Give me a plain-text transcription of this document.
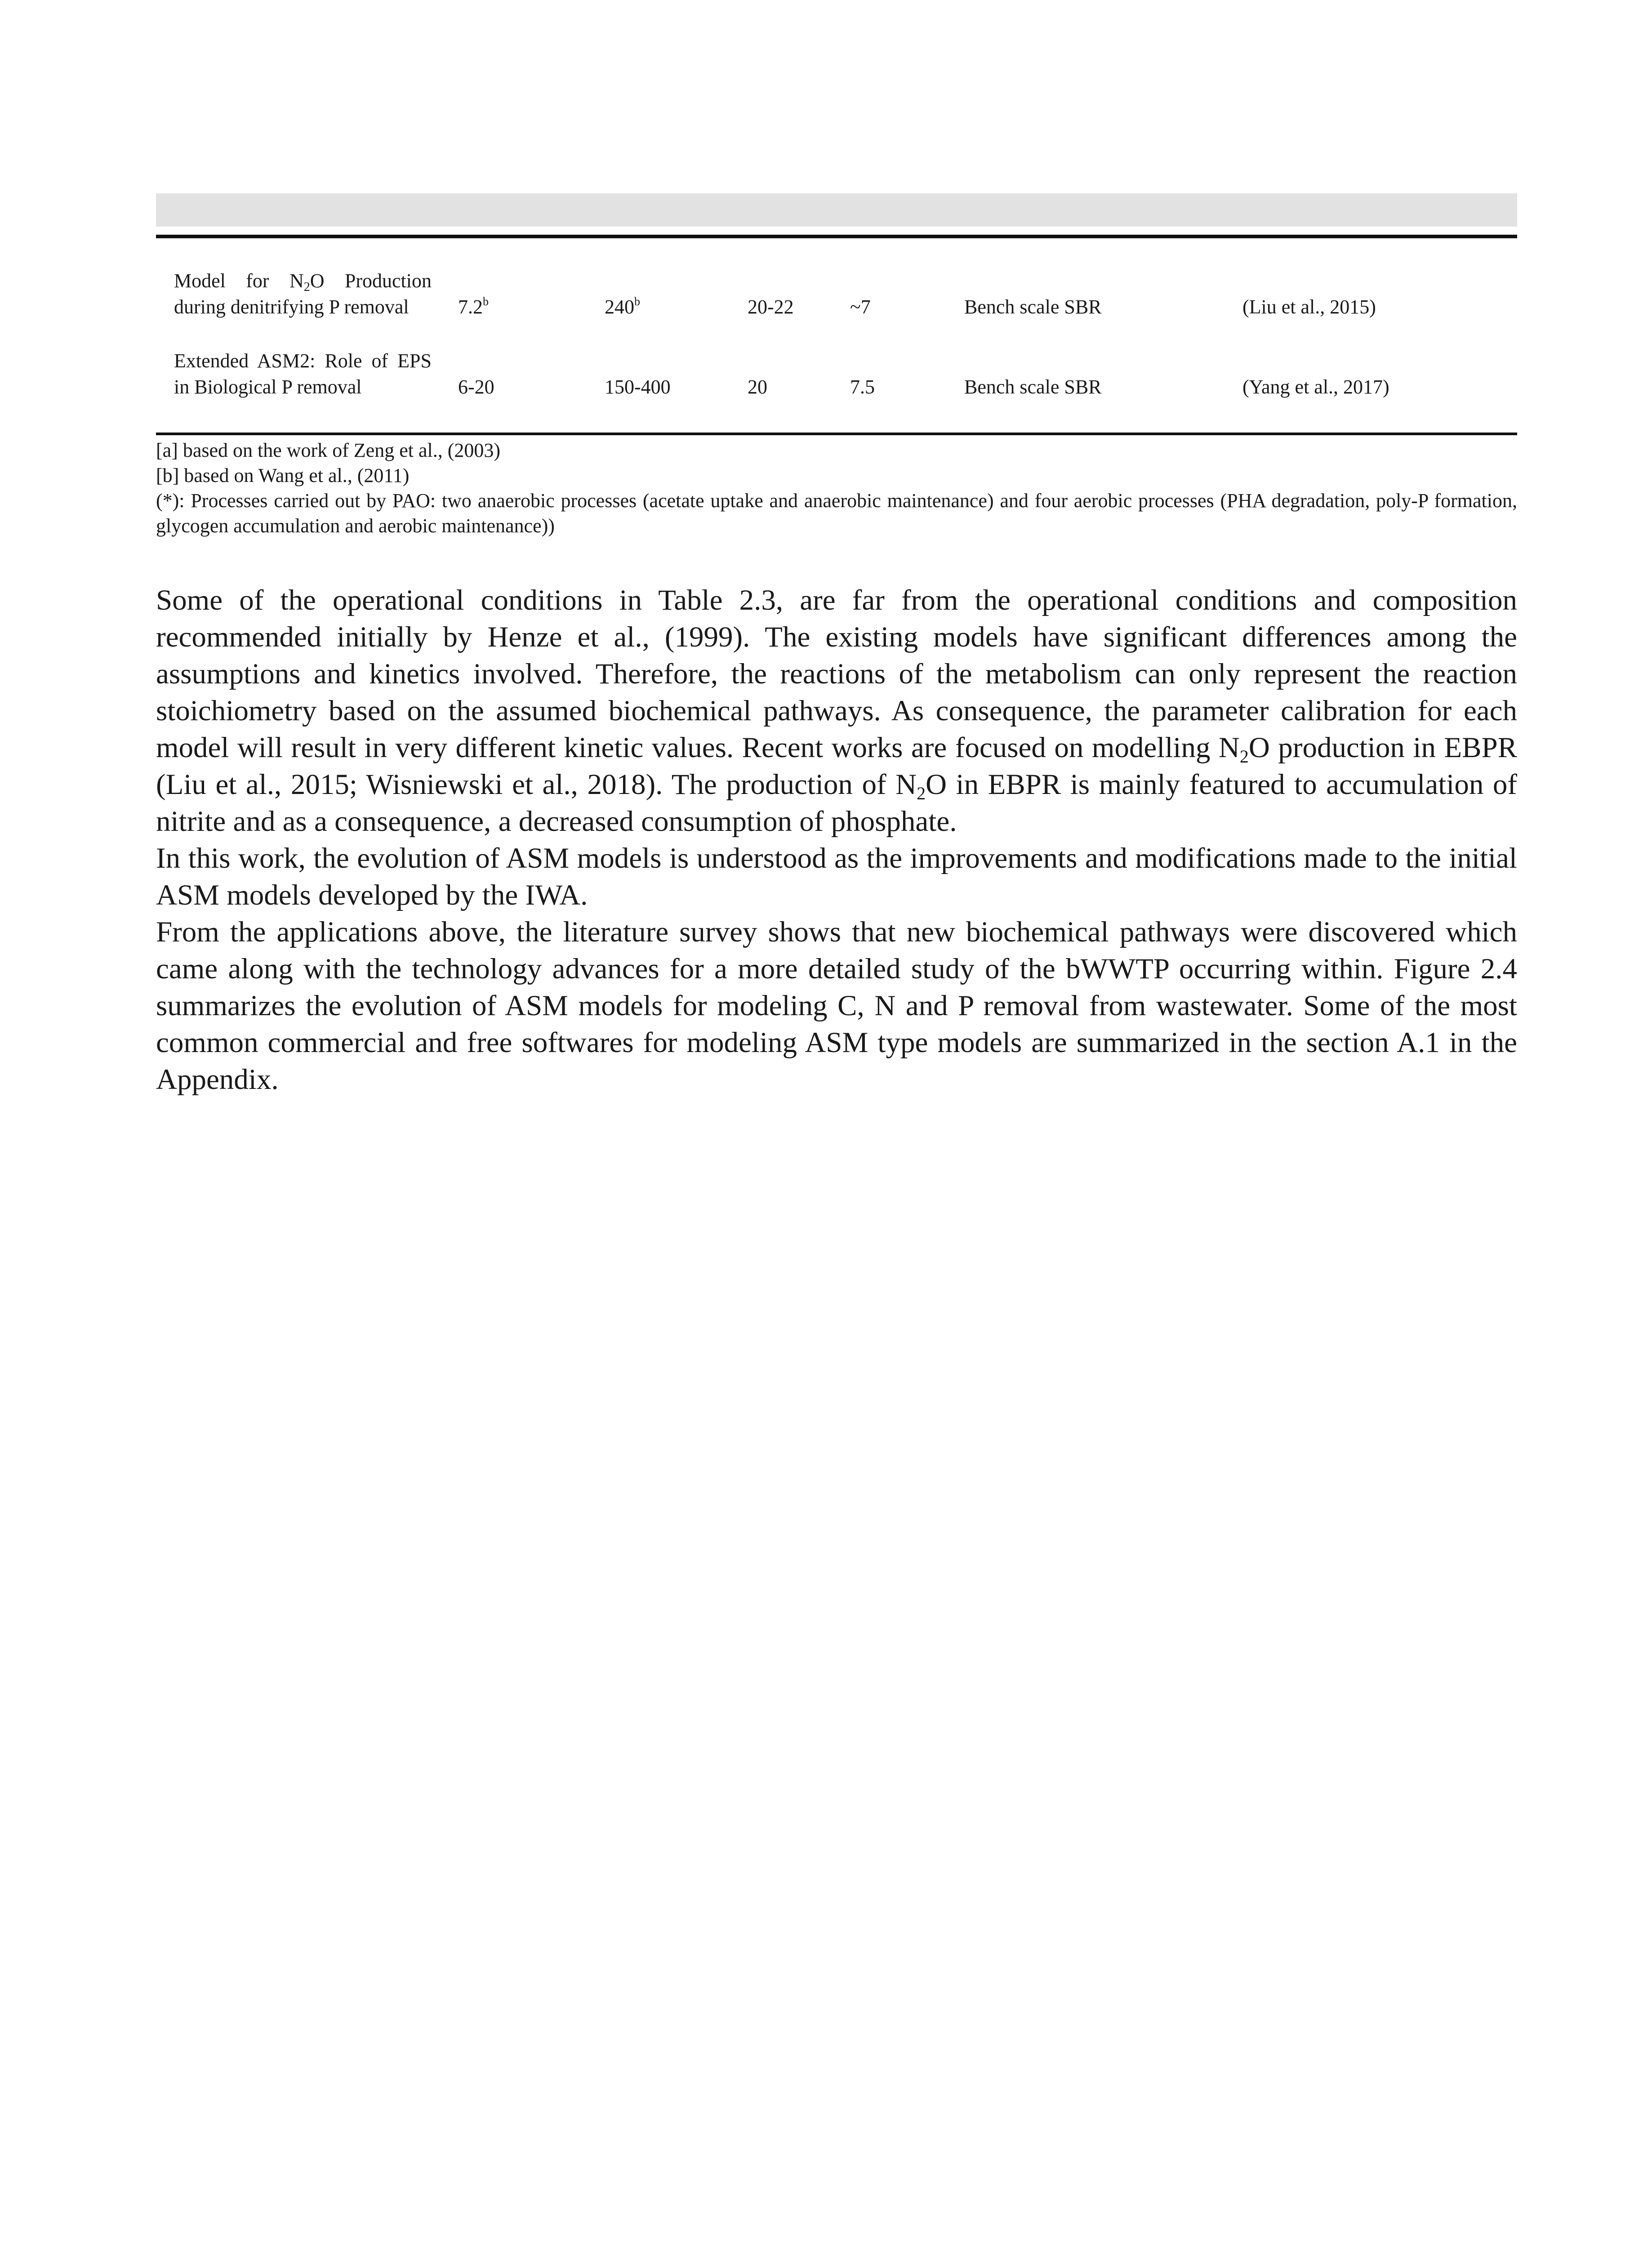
Model for $N_2O$ Production during denitrifying P removal	7.2$^b$	240$^b$	20-22	~7	Bench scale SBR	(Liu et al., 2015)
Extended ASM2: Role of EPS in Biological P removal	6-20	150-400	20	7.5	Bench scale SBR	(Yang et al., 2017)

[a] based on the work of Zeng et al., (2003)

[b] based on Wang et al., (2011)

(*): Processes carried out by PAO: two anaerobic processes (acetate uptake and anaerobic maintenance) and four aerobic processes (PHA degradation, poly-P formation, glycogen accumulation and aerobic maintenance))

Some of the operational conditions in Table 2.3, are far from the operational conditions and composition recommended initially by Henze et al., (1999). The existing models have significant differences among the assumptions and kinetics involved. Therefore, the reactions of the metabolism can only represent the reaction stoichiometry based on the assumed biochemical pathways. As consequence, the parameter calibration for each model will result in very different kinetic values. Recent works are focused on modelling $N_2O$ production in EBPR (Liu et al., 2015; Wisniewski et al., 2018). The production of $N_2O$ in EBPR is mainly featured to accumulation of nitrite and as a consequence, a decreased consumption of phosphate.

In this work, the evolution of ASM models is understood as the improvements and modifications made to the initial ASM models developed by the IWA.

From the applications above, the literature survey shows that new biochemical pathways were discovered which came along with the technology advances for a more detailed study of the bWWTP occurring within. Figure 2.4 summarizes the evolution of ASM models for modeling C, N and P removal from wastewater. Some of the most common commercial and free softwares for modeling ASM type models are summarized in the section A.1 in the Appendix.
